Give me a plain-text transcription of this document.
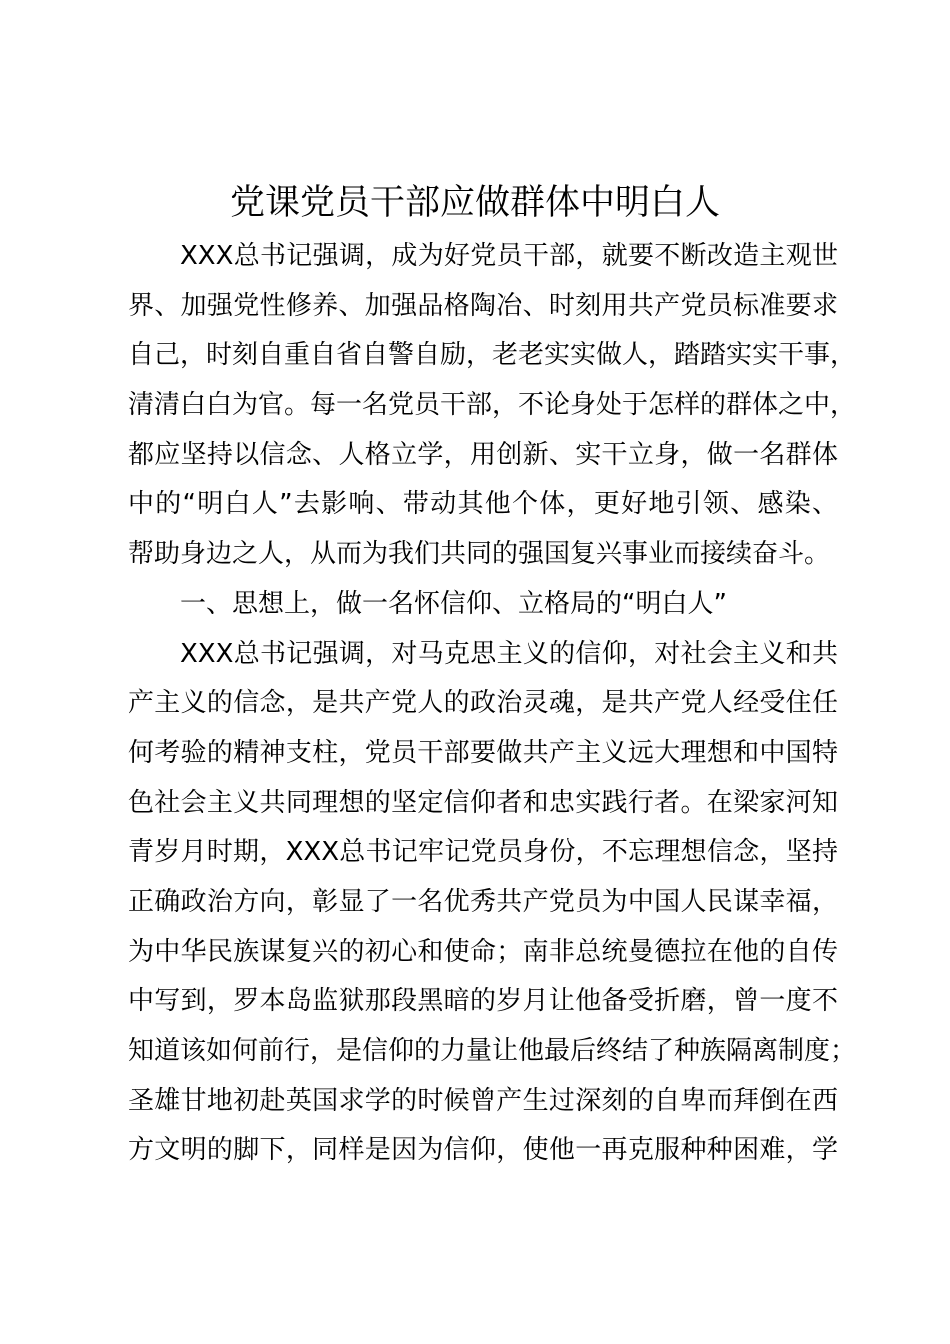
党课党员干部应做群体中明白人
XXX总书记强调，成为好党员干部，就要不断改造主观世
界、加强党性修养、加强品格陶冶、时刻用共产党员标准要求
自己，时刻自重自省自警自励，老老实实做人，踏踏实实干事，
清清白白为官。每一名党员干部，不论身处于怎样的群体之中，
都应坚持以信念、人格立学，用创新、实干立身，做一名群体
中的“明白人”去影响、带动其他个体，更好地引领、感染、
帮助身边之人，从而为我们共同的强国复兴事业而接续奋斗。
一、思想上，做一名怀信仰、立格局的“明白人”
XXX总书记强调，对马克思主义的信仰，对社会主义和共
产主义的信念，是共产党人的政治灵魂，是共产党人经受住任
何考验的精神支柱，党员干部要做共产主义远大理想和中国特
色社会主义共同理想的坚定信仰者和忠实践行者。在梁家河知
青岁月时期，XXX总书记牢记党员身份，不忘理想信念，坚持
正确政治方向，彰显了一名优秀共产党员为中国人民谋幸福，
为中华民族谋复兴的初心和使命；南非总统曼德拉在他的自传
中写到，罗本岛监狱那段黑暗的岁月让他备受折磨，曾一度不
知道该如何前行，是信仰的力量让他最后终结了种族隔离制度；
圣雄甘地初赴英国求学的时候曾产生过深刻的自卑而拜倒在西
方文明的脚下，同样是因为信仰，使他一再克服种种困难，学
